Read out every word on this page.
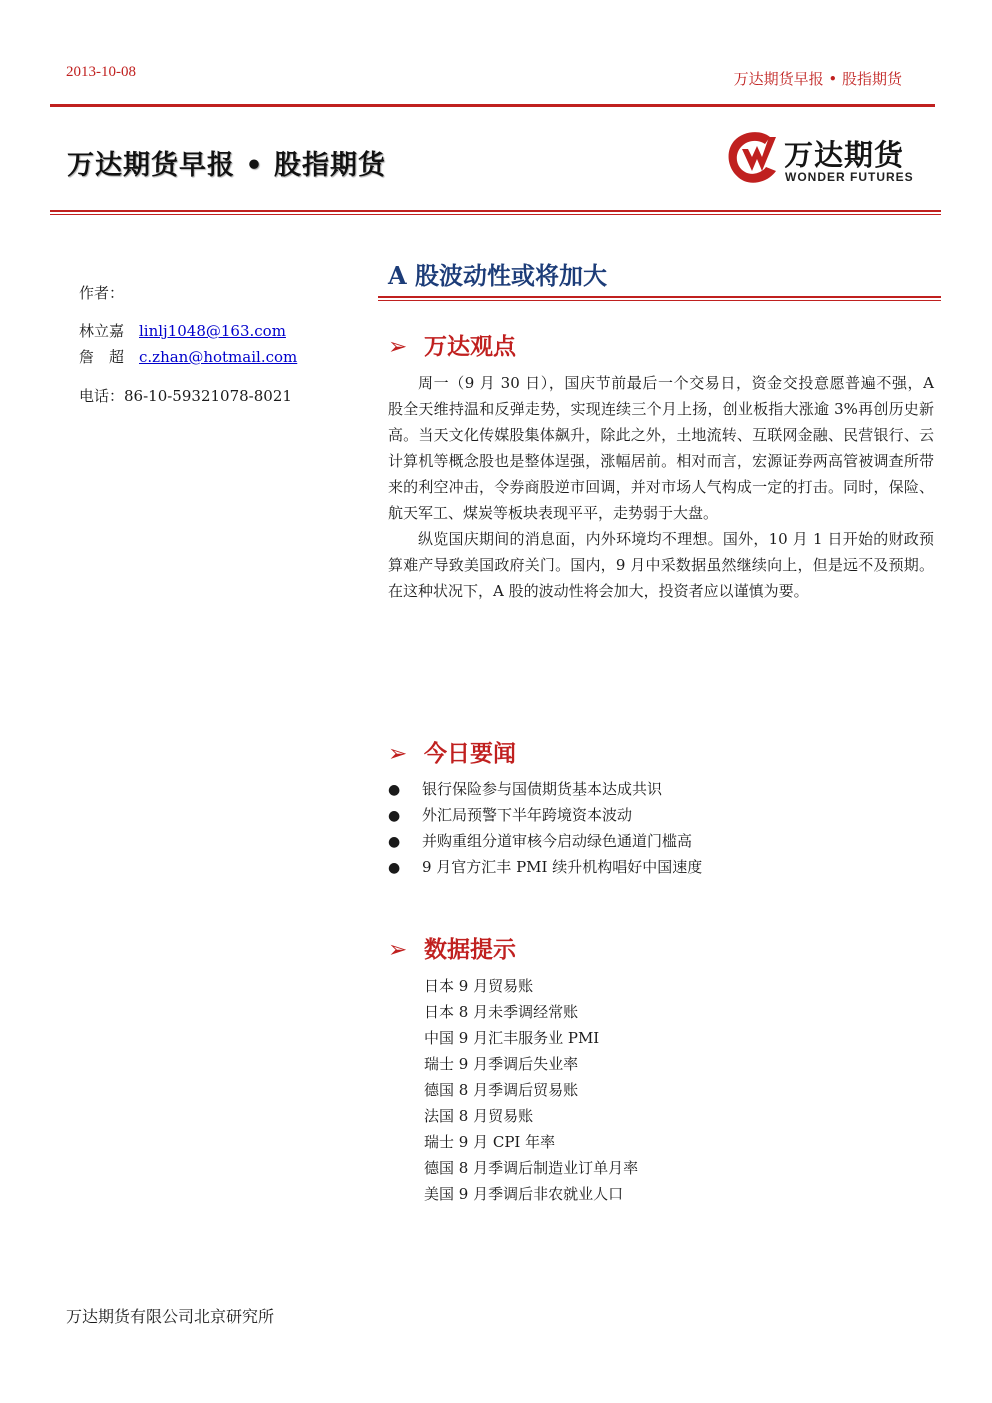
2013-10-08	万达期货早报 • 股指期货
万达期货早报 • 股指期货	万达期货
WONDER FUTURES
作者：
林立嘉 linlj1048@163.com
詹　超 c.zhan@hotmail.com
电话：86-10-59321078-8021
A 股波动性或将加大
➢ 万达观点

周一（9 月 30 日），国庆节前最后一个交易日，资金交投意愿普遍不强，A 股全天维持温和反弹走势，实现连续三个月上扬，创业板指大涨逾 3%再创历史新高。当天文化传媒股集体飙升，除此之外，土地流转、互联网金融、民营银行、云计算机等概念股也是整体逞强，涨幅居前。相对而言，宏源证券两高管被调查所带来的利空冲击，令券商股逆市回调，并对市场人气构成一定的打击。同时，保险、航天军工、煤炭等板块表现平平，走势弱于大盘。

纵览国庆期间的消息面，内外环境均不理想。国外，10 月 1 日开始的财政预算难产导致美国政府关门。国内，9 月中采数据虽然继续向上，但是远不及预期。在这种状况下，A 股的波动性将会加大，投资者应以谨慎为要。

➢ 今日要闻
● 银行保险参与国债期货基本达成共识
● 外汇局预警下半年跨境资本波动
● 并购重组分道审核今启动绿色通道门槛高
● 9 月官方汇丰 PMI 续升机构唱好中国速度
➢ 数据提示
日本 9 月贸易账
日本 8 月未季调经常账
中国 9 月汇丰服务业 PMI
瑞士 9 月季调后失业率
德国 8 月季调后贸易账
法国 8 月贸易账
瑞士 9 月 CPI 年率
德国 8 月季调后制造业订单月率
美国 9 月季调后非农就业人口
万达期货有限公司北京研究所
